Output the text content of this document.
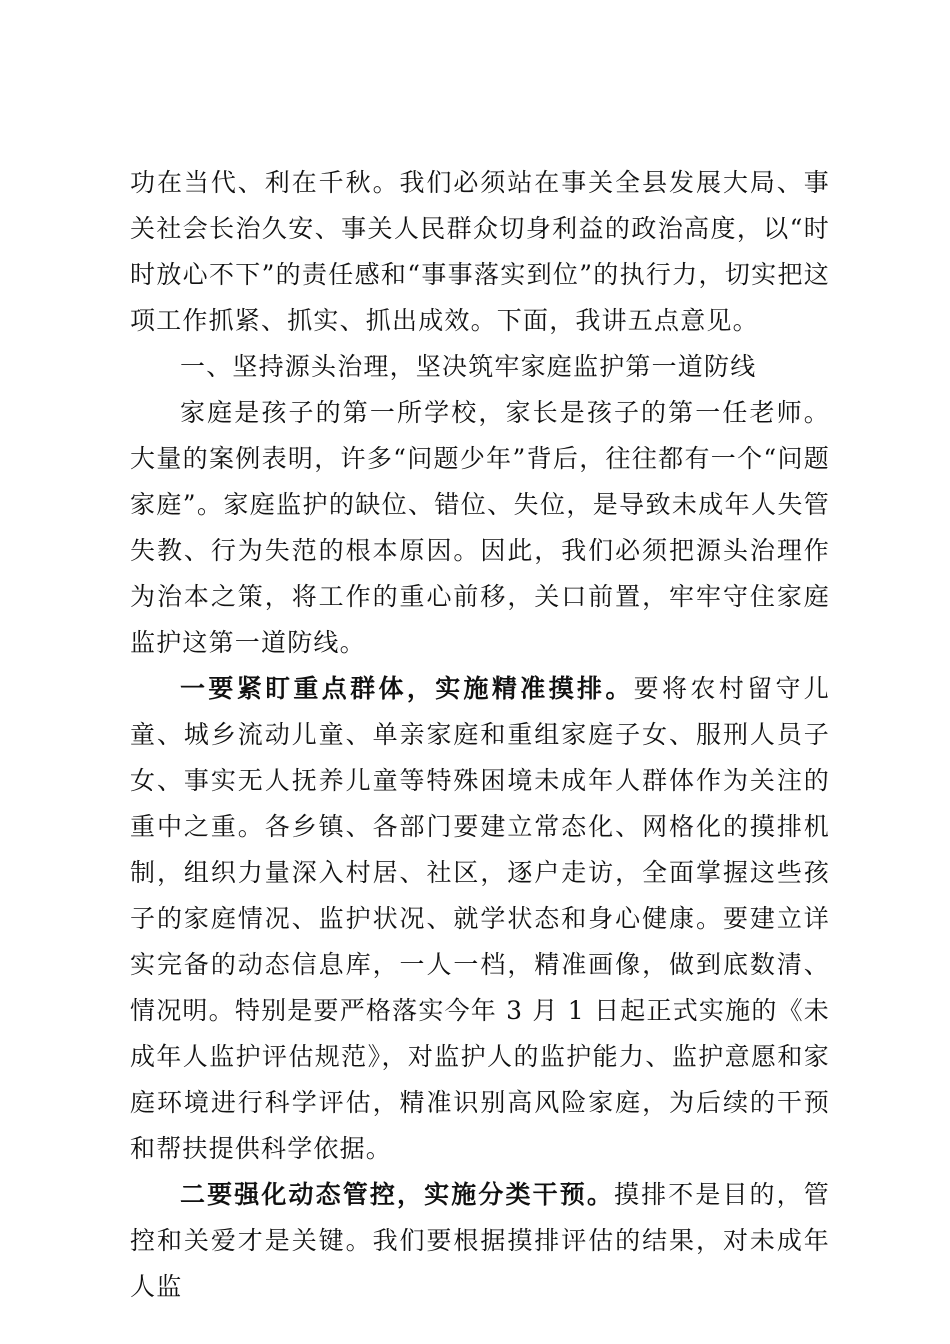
功在当代、利在千秋。我们必须站在事关全县发展大局、事关社会长治久安、事关人民群众切身利益的政治高度，以“时时放心不下”的责任感和“事事落实到位”的执行力，切实把这项工作抓紧、抓实、抓出成效。下面，我讲五点意见。

一、坚持源头治理，坚决筑牢家庭监护第一道防线

家庭是孩子的第一所学校，家长是孩子的第一任老师。大量的案例表明，许多“问题少年”背后，往往都有一个“问题家庭”。家庭监护的缺位、错位、失位，是导致未成年人失管失教、行为失范的根本原因。因此，我们必须把源头治理作为治本之策，将工作的重心前移，关口前置，牢牢守住家庭监护这第一道防线。

一要紧盯重点群体，实施精准摸排。要将农村留守儿童、城乡流动儿童、单亲家庭和重组家庭子女、服刑人员子女、事实无人抚养儿童等特殊困境未成年人群体作为关注的重中之重。各乡镇、各部门要建立常态化、网格化的摸排机制，组织力量深入村居、社区，逐户走访，全面掌握这些孩子的家庭情况、监护状况、就学状态和身心健康。要建立详实完备的动态信息库，一人一档，精准画像，做到底数清、情况明。特别是要严格落实今年 3 月 1 日起正式实施的《未成年人监护评估规范》，对监护人的监护能力、监护意愿和家庭环境进行科学评估，精准识别高风险家庭，为后续的干预和帮扶提供科学依据。

二要强化动态管控，实施分类干预。摸排不是目的，管控和关爱才是关键。我们要根据摸排评估的结果，对未成年人监
